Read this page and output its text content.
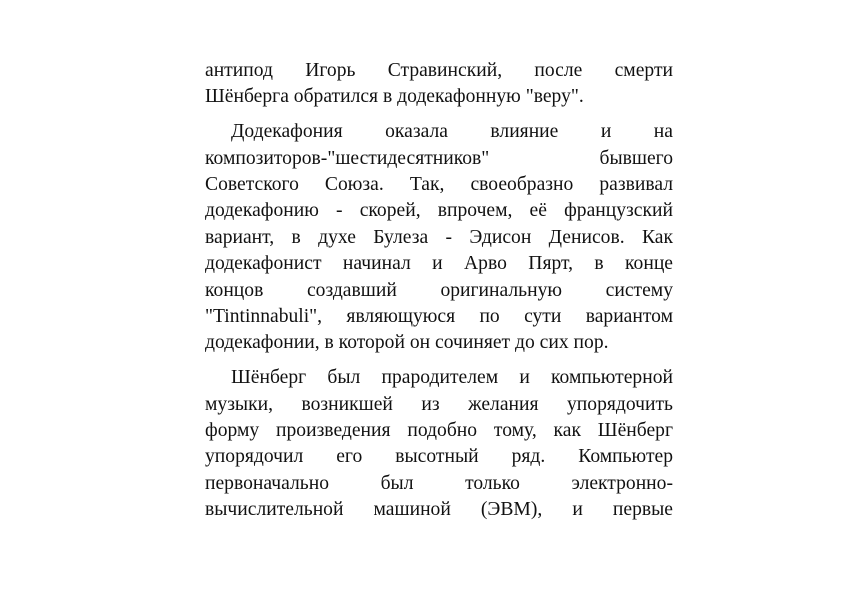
антипод Игорь Стравинский, после смерти
Шёнберга обратился в додекафонную "веру".
Додекафония оказала влияние и на
композиторов-"шестидесятников" бывшего
Советского Союза. Так, своеобразно развивал
додекафонию - скорей, впрочем, её французский
вариант, в духе Булеза - Эдисон Денисов. Как
додекафонист начинал и Арво Пярт, в конце
концов создавший оригинальную систему
"Tintinnabuli", являющуюся по сути вариантом
додекафонии, в которой он сочиняет до сих пор.
Шёнберг был прародителем и компьютерной
музыки, возникшей из желания упорядочить
форму произведения подобно тому, как Шёнберг
упорядочил его высотный ряд. Компьютер
первоначально был только электронно-
вычислительной машиной (ЭВМ), и первые
